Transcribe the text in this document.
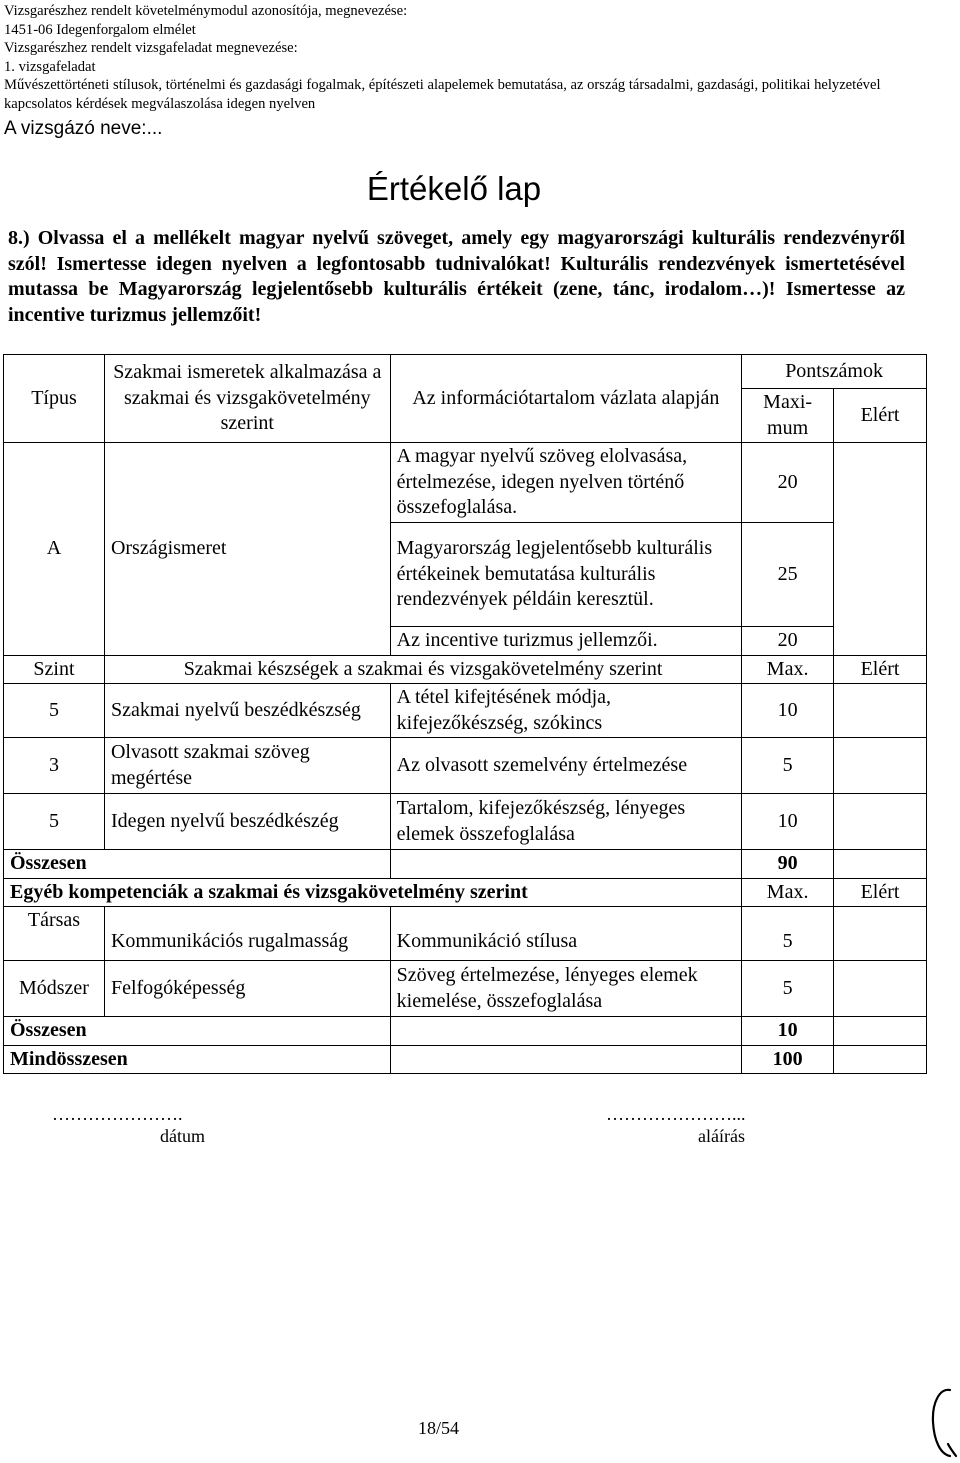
Vizsgarészhez rendelt követelménymodul azonosítója, megnevezése:
1451-06 Idegenforgalom elmélet
Vizsgarészhez rendelt vizsgafeladat megnevezése:
1. vizsgafeladat
Művészettörténeti stílusok, történelmi és gazdasági fogalmak, építészeti alapelemek bemutatása, az ország társadalmi, gazdasági, politikai helyzetével
kapcsolatos kérdések megválaszolása idegen nyelven
A vizsgázó neve:...
Értékelő lap
8.) Olvassa el a mellékelt magyar nyelvű szöveget, amely egy magyarországi kulturális rendezvényről szól! Ismertesse idegen nyelven a legfontosabb tudnivalókat! Kulturális rendezvények ismertetésével mutassa be Magyarország legjelentősebb kulturális értékeit (zene, tánc, irodalom…)! Ismertesse az incentive turizmus jellemzőit!
Típus	Szakmai ismeretek alkalmazása a szakmai és vizsgakövetelmény szerint	Az információtartalom vázlata alapján	Pontszámok	
			Maxi-mum	Elért
A	Országismeret	A magyar nyelvű szöveg elolvasása, értelmezése, idegen nyelven történő összefoglalása.	20	
		Magyarország legjelentősebb kulturális értékeinek bemutatása kulturális rendezvények példáin keresztül.	25	
		Az incentive turizmus jellemzői.	20	
Szint	Szakmai készségek a szakmai és vizsgakövetelmény szerint		Max.	Elért
5	Szakmai nyelvű beszédkészség	A tétel kifejtésének módja, kifejezőkészség, szókincs	10	
3	Olvasott szakmai szöveg megértése	Az olvasott szemelvény értelmezése	5	
5	Idegen nyelvű beszédkészég	Tartalom, kifejezőkészség, lényeges elemek összefoglalása	10	
Összesen			90	
Egyéb kompetenciák a szakmai és vizsgakövetelmény szerint			Max.	Elért
Társas	Kommunikációs rugalmasság	Kommunikáció stílusa	5	
Módszer	Felfogóképesség	Szöveg értelmezése, lényeges elemek kiemelése, összefoglalása	5	
Összesen			10	
Mindösszesen			100	
………………….
dátum
…………………...
aláírás
18/54
